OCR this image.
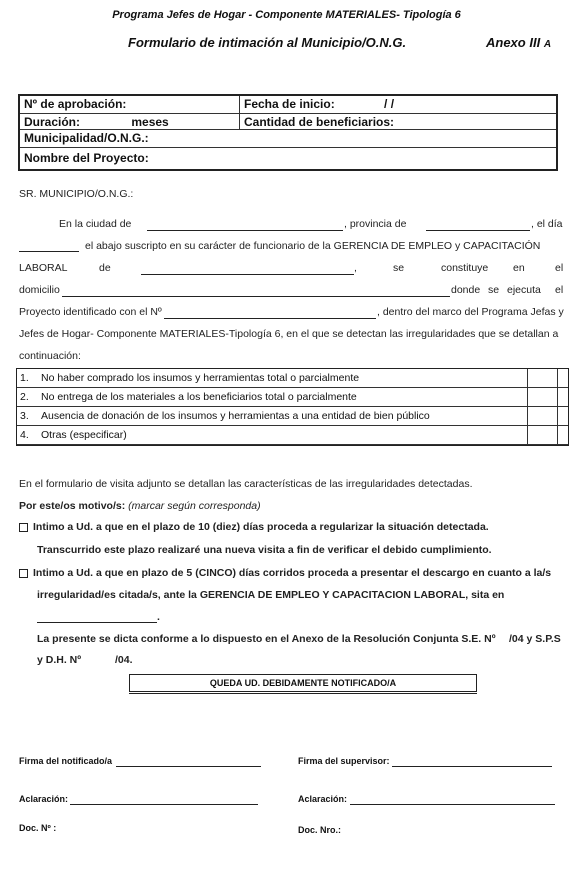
Programa Jefes de Hogar - Componente MATERIALES- Tipología 6
Formulario de intimación al Municipio/O.N.G.	Anexo III A
Nº de aprobación:	Fecha de inicio:	/ /
Duración:	meses	Cantidad de beneficiarios:
Municipalidad/O.N.G.:
Nombre del Proyecto:
SR. MUNICIPIO/O.N.G.:
En la ciudad de	, provincia de	, el día
el abajo suscripto en su carácter de funcionario de la GERENCIA DE EMPLEO y CAPACITACIÓN
LABORAL	de	,	se	constituye en	el
domicilio	donde se ejecuta el
Proyecto identificado con el Nº	, dentro del marco del Programa Jefas y
Jefes de Hogar- Componente MATERIALES-Tipología 6, en el que se detectan las irregularidades que se detallan a
continuación:
1. No haber comprado los insumos y herramientas total o parcialmente
2. No entrega de los materiales a los beneficiarios total o parcialmente
3. Ausencia de donación de los insumos y herramientas a una entidad de bien público
4. Otras (especificar)
En el formulario de visita adjunto se detallan las características de las irregularidades detectadas.
Por este/os motivo/s: (marcar según corresponda)
Intimo a Ud. a que en el plazo de 10 (diez) días proceda a regularizar la situación detectada.
Transcurrido este plazo realizaré una nueva visita a fin de verificar el debido cumplimiento.
Intimo a Ud. a que en plazo de 5 (CINCO) días corridos proceda a presentar el descargo en cuanto a la/s
irregularidad/es citada/s, ante la GERENCIA DE EMPLEO Y CAPACITACION LABORAL, sita en
.
La presente se dicta conforme a lo dispuesto en el Anexo de la Resolución Conjunta S.E. Nº /04 y S.P.S
y D.H. Nº	/04.
QUEDA UD. DEBIDAMENTE NOTIFICADO/A
Firma del notificado/a	Firma del supervisor:
Aclaración:	Aclaración:
Doc. Nº :	Doc. Nro.:
